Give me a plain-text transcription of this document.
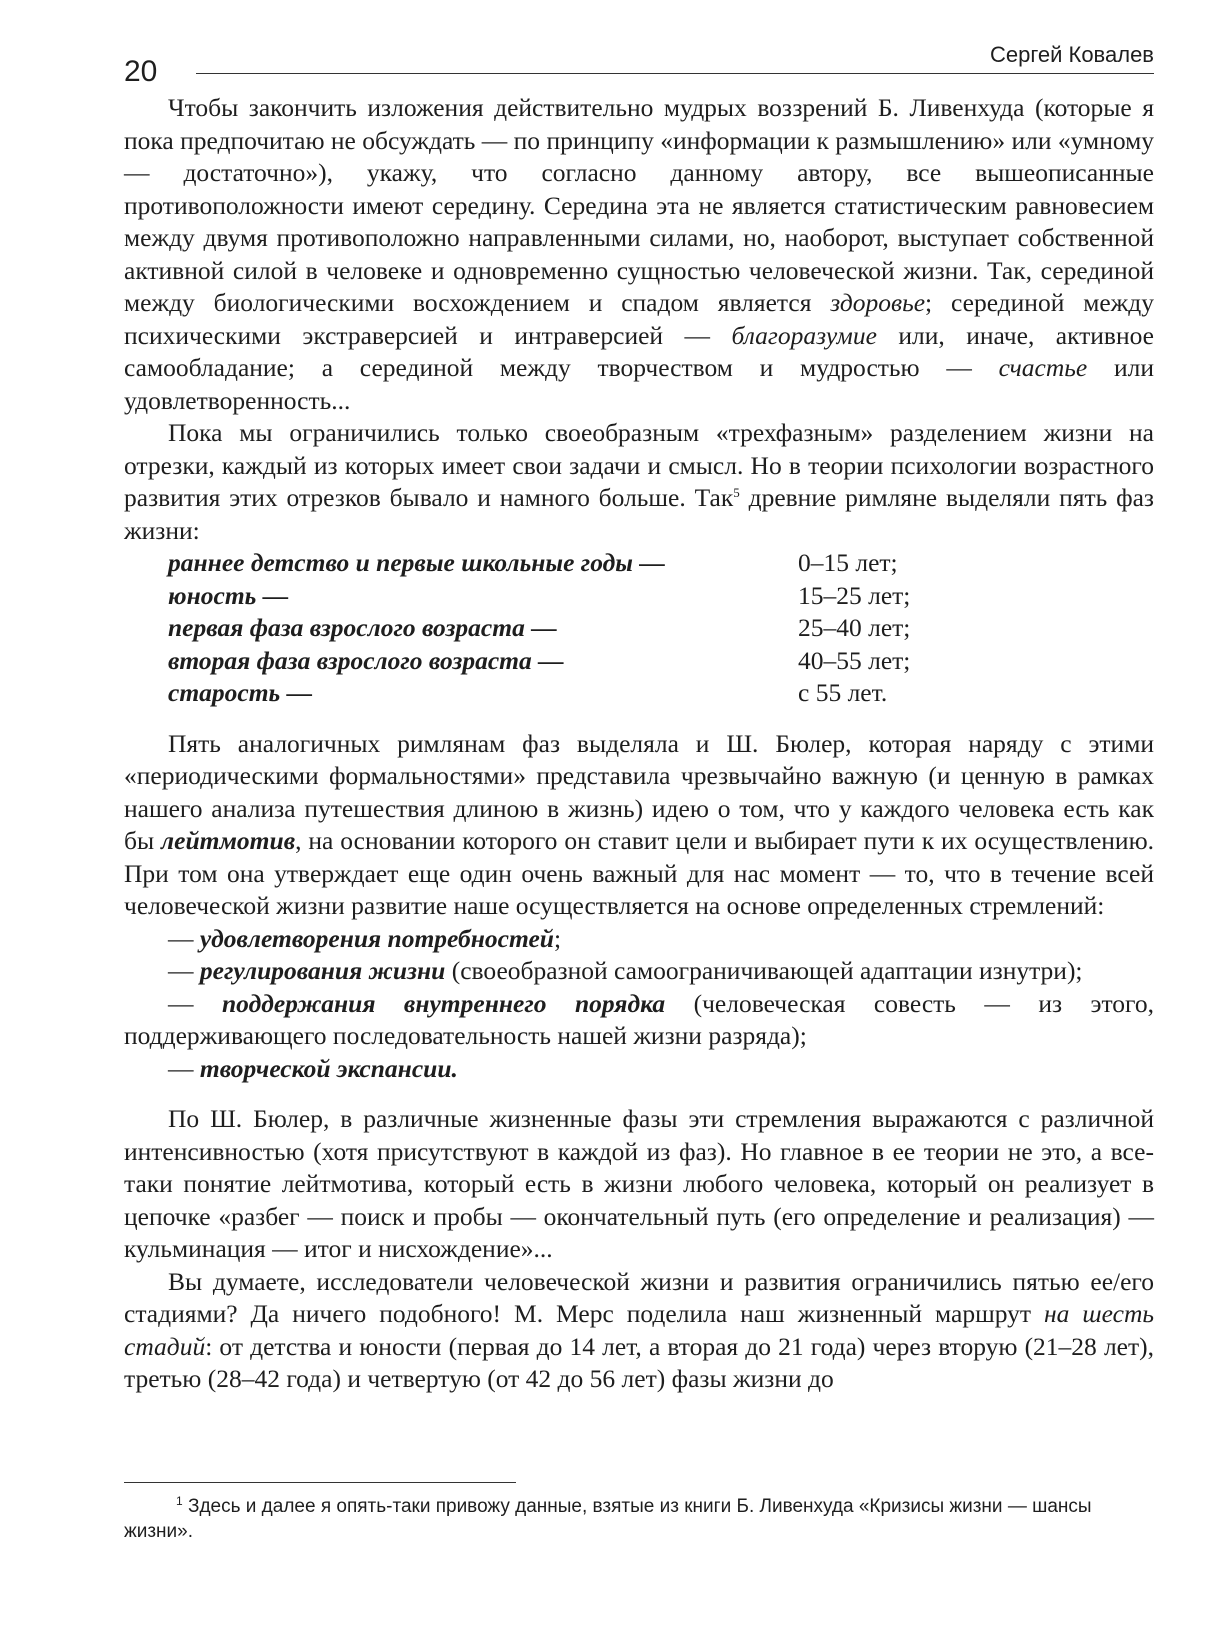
20
Сергей Ковалев

Чтобы закончить изложения действительно мудрых воззрений Б. Ливенхуда (которые я пока предпочитаю не обсуждать — по принципу «информации к размышлению» или «умному — достаточно»), укажу, что согласно данному автору, все вышеописанные противоположности имеют середину. Середина эта не является статистическим равновесием между двумя противоположно направленными силами, но, наоборот, выступает собственной активной силой в человеке и одновременно сущностью человеческой жизни. Так, серединой между биологическими восхождением и спадом является здоровье; серединой между психическими экстраверсией и интраверсией — благоразумие или, иначе, активное самообладание; а серединой между творчеством и мудростью — счастье или удовлетворенность...

Пока мы ограничились только своеобразным «трехфазным» разделением жизни на отрезки, каждый из которых имеет свои задачи и смысл. Но в теории психологии возрастного развития этих отрезков бывало и намного больше. Так$^5$ древние римляне выделяли пять фаз жизни:

раннее детство и первые школьные годы —	0–15 лет;
юность —	15–25 лет;
первая фаза взрослого возраста —	25–40 лет;
вторая фаза взрослого возраста —	40–55 лет;
старость —	с 55 лет.

Пять аналогичных римлянам фаз выделяла и Ш. Бюлер, которая наряду с этими «периодическими формальностями» представила чрезвычайно важную (и ценную в рамках нашего анализа путешествия длиною в жизнь) идею о том, что у каждого человека есть как бы лейтмотив, на основании которого он ставит цели и выбирает пути к их осуществлению. При том она утверждает еще один очень важный для нас момент — то, что в течение всей человеческой жизни развитие наше осуществляется на основе определенных стремлений:

— удовлетворения потребностей;

— регулирования жизни (своеобразной самоограничивающей адаптации изнутри);

— поддержания внутреннего порядка (человеческая совесть — из этого, поддерживающего последовательность нашей жизни разряда);

— творческой экспансии.

По Ш. Бюлер, в различные жизненные фазы эти стремления выражаются с различной интенсивностью (хотя присутствуют в каждой из фаз). Но главное в ее теории не это, а все-таки понятие лейтмотива, который есть в жизни любого человека, который он реализует в цепочке «разбег — поиск и пробы — окончательный путь (его определение и реализация) — кульминация — итог и нисхождение»...

Вы думаете, исследователи человеческой жизни и развития ограничились пятью ее/его стадиями? Да ничего подобного! М. Мерс поделила наш жизненный маршрут на шесть стадий: от детства и юности (первая до 14 лет, а вторая до 21 года) через вторую (21–28 лет), третью (28–42 года) и четвертую (от 42 до 56 лет) фазы жизни до

$^1$ Здесь и далее я опять-таки привожу данные, взятые из книги Б. Ливенхуда «Кризисы жизни — шансы жизни».
